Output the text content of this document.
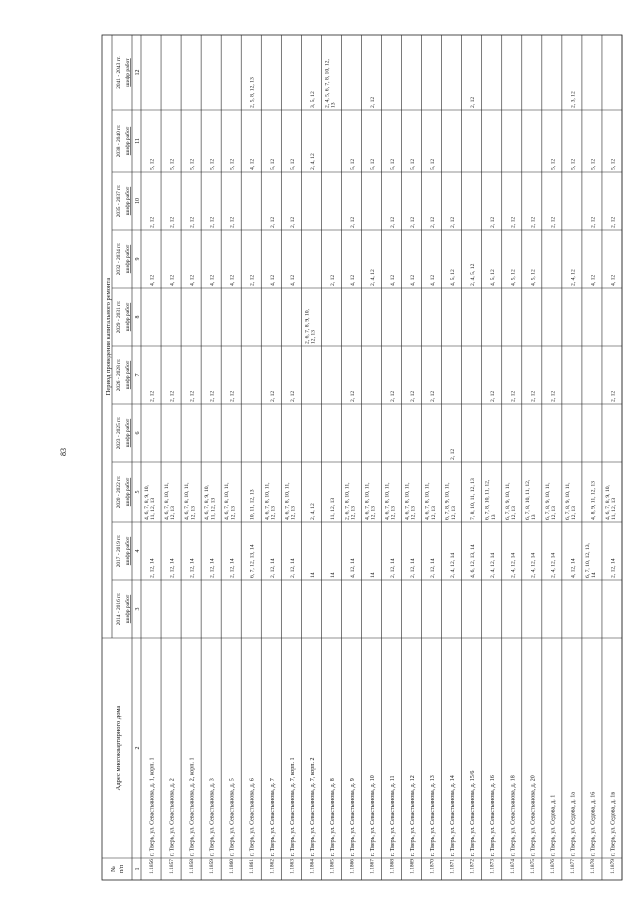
83
№ п/п
Адрес многоквартирного дома
Период проведения капитального ремонта
2014 - 2016 гг. шифр работ
2017 - 2019 гг. шифр работ
2020 - 2022 гг. шифр работ
2023 - 2025 гг. шифр работ
2026 - 2028 гг. шифр работ
2029 - 2031 гг. шифр работ
2032 - 2034 гг. шифр работ
2035 - 2037 гг. шифр работ
2038 - 2040 гг. шифр работ
2041 - 2043 гг. шифр работ
1
2
3
4
5
6
7
8
9
10
11
12
1.1856
г. Тверь, ул. Севастьянова, д. 1, корп. 1
2, 12, 14
4, 6, 7, 8, 9, 10, 11, 12, 13
2, 12
4, 12
2, 12
5, 12
1.1857
г. Тверь, ул. Севастьянова, д. 2
2, 12, 14
4, 6, 7, 8, 10, 11, 12, 13
2, 12
4, 12
2, 12
5, 12
1.1858
г. Тверь, ул. Севастьянова, д. 2, корп. 1
2, 12, 14
4, 6, 7, 8, 10, 11, 12, 13
2, 12
4, 12
2, 12
5, 12
1.1859
г. Тверь, ул. Севастьянова, д. 3
2, 12, 14
4, 6, 7, 8, 9, 10, 11, 12, 13
2, 12
4, 12
2, 12
5, 12
1.1860
г. Тверь, ул. Севастьянова, д. 5
2, 12, 14
4, 6, 7, 8, 10, 11, 12, 13
2, 12
4, 12
2, 12
5, 12
1.1861
г. Тверь, ул. Севастьянова, д. 6
6, 7, 12, 13, 14
10, 11, 12, 13
2, 12
4, 12
2, 5, 8, 12, 13
1.1862
г. Тверь, ул. Севастьянова, д. 7
2, 12, 14
4, 6, 7, 8, 10, 11, 12, 13
2, 12
4, 12
2, 12
5, 12
1.1863
г. Тверь, ул. Севастьянова, д. 7, корп. 1
2, 12, 14
4, 6, 7, 8, 10, 11, 12, 13
2, 12
4, 12
2, 12
5, 12
1.1864
г. Тверь, ул. Севастьянова, д. 7, корп. 2
14
2, 4, 12
2, 6, 7, 8, 9, 10, 12, 13
2, 4, 12
3, 5, 12
1.1865
г. Тверь, ул. Севастьянова, д. 8
14
11, 12, 13
2, 12
2, 4, 5, 6, 7, 8, 10, 12, 13
1.1866
г. Тверь, ул. Севастьянова, д. 9
4, 12, 14
2, 6, 7, 8, 10, 11, 12, 13
2, 12
4, 12
2, 12
5, 12
1.1867
г. Тверь, ул. Севастьянова, д. 10
14
4, 6, 7, 8, 10, 11, 12, 13
2, 4, 12
5, 12
2, 12
1.1868
г. Тверь, ул. Севастьянова, д. 11
2, 12, 14
4, 6, 7, 8, 10, 11, 12, 13
2, 12
4, 12
2, 12
5, 12
1.1869
г. Тверь, ул. Севастьянова, д. 12
2, 12, 14
4, 6, 7, 8, 10, 11, 12, 13
2, 12
4, 12
2, 12
5, 12
1.1870
г. Тверь, ул. Севастьянова, д. 13
2, 12, 14
4, 6, 7, 8, 10, 11, 12, 13
2, 12
4, 12
2, 12
5, 12
1.1871
г. Тверь, ул. Севастьянова, д. 14
2, 4, 12, 14
6, 7, 8, 9, 10, 11, 12, 13
2, 12
4, 5, 12
2, 12
1.1872
г. Тверь, ул. Севастьянова, д. 15/6
4, 6, 12, 13, 14
7, 8, 10, 11, 12, 13
2, 4, 5, 12
2, 12
1.1873
г. Тверь, ул. Севастьянова, д. 16
2, 4, 12, 14
6, 7, 8, 10, 11, 12, 13
2, 12
4, 5, 12
2, 12
1.1874
г. Тверь, ул. Севастьянова, д. 18
2, 4, 12, 14
6, 7, 8, 9, 10, 11, 12, 13
2, 12
4, 5, 12
2, 12
1.1875
г. Тверь, ул. Севастьянова, д. 20
2, 4, 12, 14
6, 7, 8, 10, 11, 12, 13
2, 12
4, 5, 12
2, 12
1.1876
г. Тверь, ул. Седова, д. 1
2, 4, 12, 14
6, 7, 8, 9, 10, 11, 12, 13
2, 12
2, 12
5, 12
1.1877
г. Тверь, ул. Седова, д. 1а
4, 12, 14
6, 7, 8, 9, 10, 11, 12, 13
2, 4, 12
5, 12
2, 3, 12
1.1878
г. Тверь, ул. Седова, д. 16
6, 7, 10, 12, 13, 14
4, 8, 9, 11, 12, 13
4, 12
2, 12
5, 12
1.1879
г. Тверь, ул. Седова, д. 1в
2, 12, 14
4, 6, 7, 8, 9, 10, 11, 12, 13
2, 12
4, 12
2, 12
5, 12
